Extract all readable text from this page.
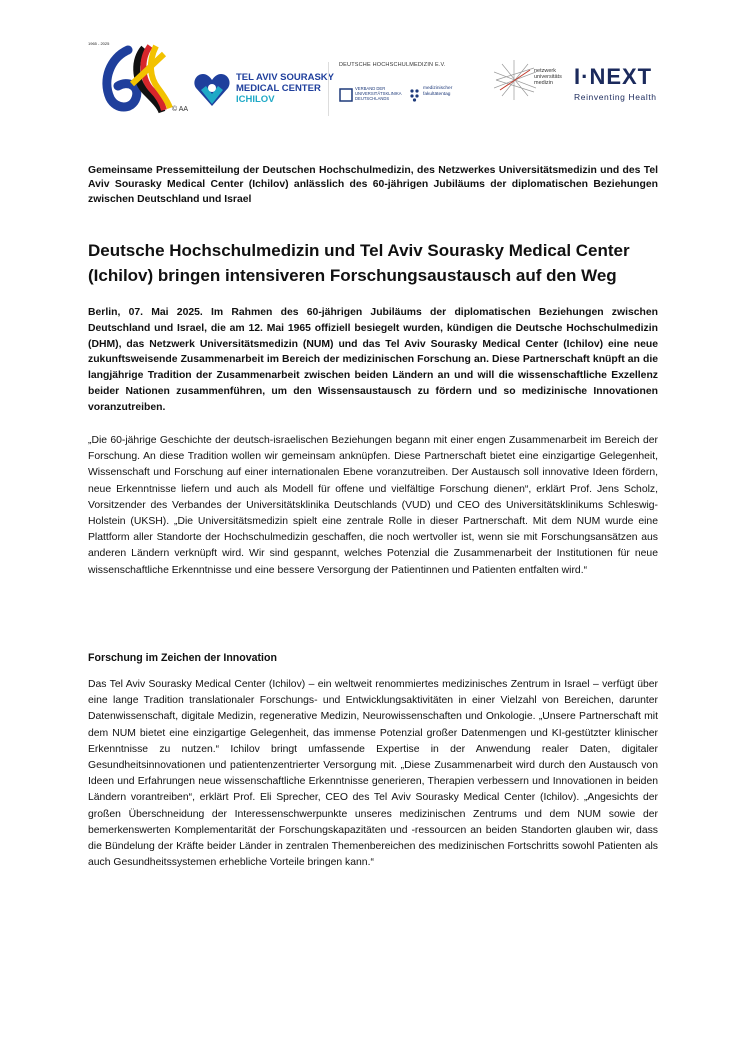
1965 - 2025
© AA
TEL AVIV SOURASKY
MEDICAL CENTER
ICHILOV
DEUTSCHE HOCHSCHULMEDIZIN E.V.
VERBAND DER UNIVERSITÄTSKLINIKA DEUTSCHLANDS
medizinischer fakultätentag
netzwerk universitäts medizin I·NEXT
Reinventing Health
Gemeinsame Pressemitteilung der Deutschen Hochschulmedizin, des Netzwerkes Universitätsmedizin und des Tel Aviv Sourasky Medical Center (Ichilov) anlässlich des 60-jährigen Jubiläums der diplomatischen Beziehungen zwischen Deutschland und Israel
Deutsche Hochschulmedizin und Tel Aviv Sourasky Medical Center (Ichilov) bringen intensiveren Forschungsaustausch auf den Weg
Berlin, 07. Mai 2025. Im Rahmen des 60-jährigen Jubiläums der diplomatischen Beziehungen zwischen Deutschland und Israel, die am 12. Mai 1965 offiziell besiegelt wurden, kündigen die Deutsche Hochschulmedizin (DHM), das Netzwerk Universitätsmedizin (NUM) und das Tel Aviv Sourasky Medical Center (Ichilov) eine neue zukunftsweisende Zusammenarbeit im Bereich der medizinischen Forschung an. Diese Partnerschaft knüpft an die langjährige Tradition der Zusammenarbeit zwischen beiden Ländern an und will die wissenschaftliche Exzellenz beider Nationen zusammenführen, um den Wissensaustausch zu fördern und so medizinische Innovationen voranzutreiben.
„Die 60-jährige Geschichte der deutsch-israelischen Beziehungen begann mit einer engen Zusammenarbeit im Bereich der Forschung. An diese Tradition wollen wir gemeinsam anknüpfen. Diese Partnerschaft bietet eine einzigartige Gelegenheit, Wissenschaft und Forschung auf einer internationalen Ebene voranzutreiben. Der Austausch soll innovative Ideen fördern, neue Erkenntnisse liefern und auch als Modell für offene und vielfältige Forschung dienen“, erklärt Prof. Jens Scholz, Vorsitzender des Verbandes der Universitätsklinika Deutschlands (VUD) und CEO des Universitätsklinikums Schleswig-Holstein (UKSH). „Die Universitätsmedizin spielt eine zentrale Rolle in dieser Partnerschaft. Mit dem NUM wurde eine Plattform aller Standorte der Hochschulmedizin geschaffen, die noch wertvoller ist, wenn sie mit Forschungsansätzen aus anderen Ländern verknüpft wird. Wir sind gespannt, welches Potenzial die Zusammenarbeit der Institutionen für neue wissenschaftliche Erkenntnisse und eine bessere Versorgung der Patientinnen und Patienten entfalten wird.“
Forschung im Zeichen der Innovation
Das Tel Aviv Sourasky Medical Center (Ichilov) – ein weltweit renommiertes medizinisches Zentrum in Israel – verfügt über eine lange Tradition translationaler Forschungs- und Entwicklungsaktivitäten in einer Vielzahl von Bereichen, darunter Datenwissenschaft, digitale Medizin, regenerative Medizin, Neurowissenschaften und Onkologie. „Unsere Partnerschaft mit dem NUM bietet eine einzigartige Gelegenheit, das immense Potenzial großer Datenmengen und KI-gestützter klinischer Erkenntnisse zu nutzen.“ Ichilov bringt umfassende Expertise in der Anwendung realer Daten, digitaler Gesundheitsinnovationen und patientenzentrierter Versorgung mit. „Diese Zusammenarbeit wird durch den Austausch von Ideen und Erfahrungen neue wissenschaftliche Erkenntnisse generieren, Therapien verbessern und Innovationen in beiden Ländern vorantreiben“, erklärt Prof. Eli Sprecher, CEO des Tel Aviv Sourasky Medical Center (Ichilov). „Angesichts der großen Überschneidung der Interessenschwerpunkte unseres medizinischen Zentrums und dem NUM sowie der bemerkenswerten Komplementarität der Forschungskapazitäten und -ressourcen an beiden Standorten glauben wir, dass die Bündelung der Kräfte beider Länder in zentralen Themenbereichen des medizinischen Fortschritts sowohl Patienten als auch Gesundheitssystemen erhebliche Vorteile bringen kann.“
